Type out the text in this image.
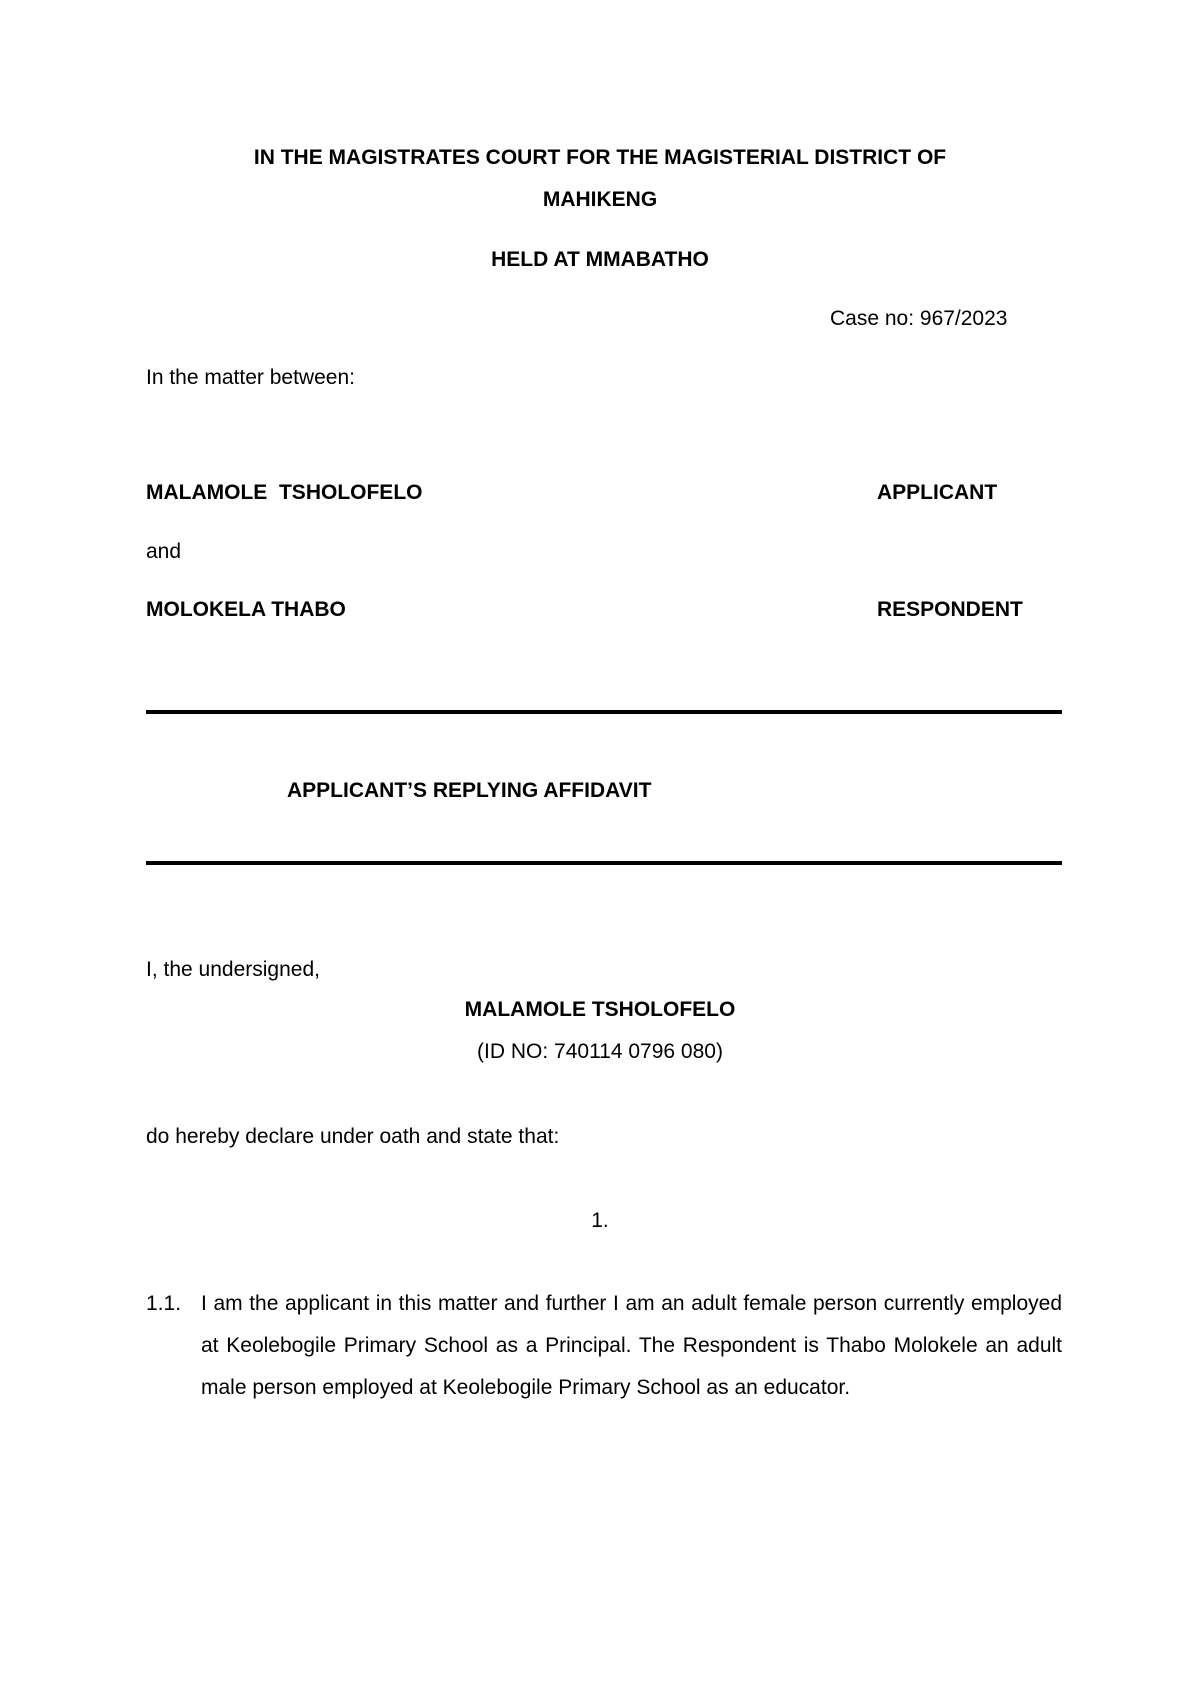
IN THE MAGISTRATES COURT FOR THE MAGISTERIAL DISTRICT OF
MAHIKENG
HELD AT MMABATHO
Case no: 967/2023
In the matter between:
MALAMOLE  TSHOLOFELO	APPLICANT
and
MOLOKELA THABO	RESPONDENT
APPLICANT’S REPLYING AFFIDAVIT
I, the undersigned,
MALAMOLE TSHOLOFELO
(ID NO: 740114 0796 080)
do hereby declare under oath and state that:
1.
1.1. I am the applicant in this matter and further I am an adult female person currently employed at Keolebogile Primary School as a Principal. The Respondent is Thabo Molokele an adult male person employed at Keolebogile Primary School as an educator.
